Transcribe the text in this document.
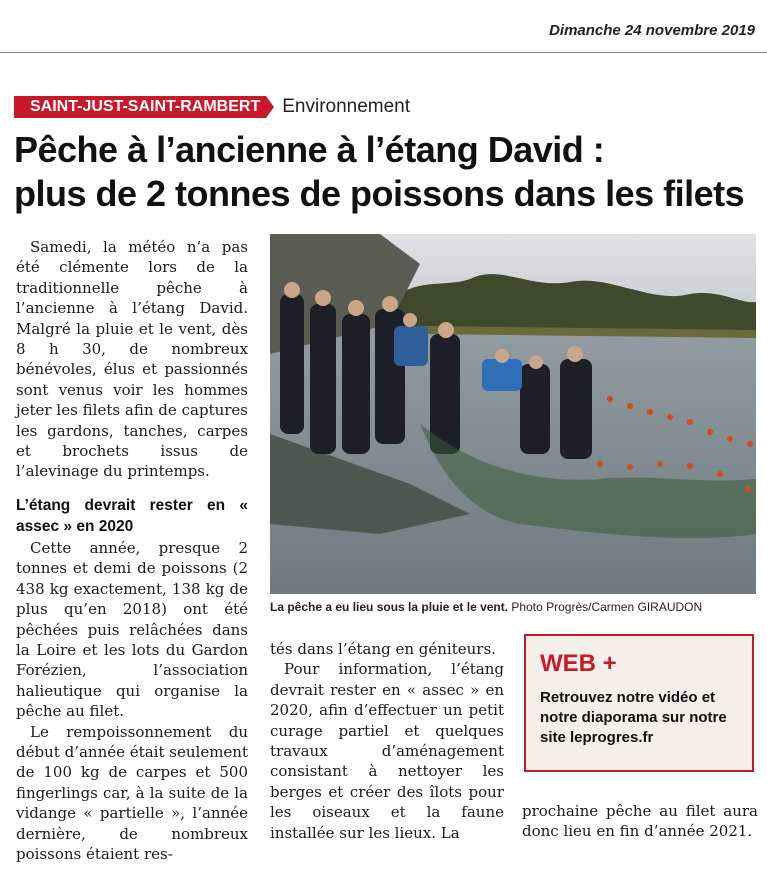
Dimanche 24 novembre 2019
SAINT-JUST-SAINT-RAMBERT	Environnement
Pêche à l’ancienne à l’étang David :
plus de 2 tonnes de poissons dans les filets

Samedi, la météo n’a pas été clémente lors de la traditionnelle pêche à l’ancienne à l’étang David. Malgré la pluie et le vent, dès 8 h 30, de nombreux bénévoles, élus et passionnés sont venus voir les hommes jeter les filets afin de captures les gardons, tanches, carpes et brochets issus de l’alevinage du printemps.

L’étang devrait rester en « assec » en 2020

Cette année, presque 2 tonnes et demi de poissons (2 438 kg exactement, 138 kg de plus qu’en 2018) ont été pêchées puis relâchées dans la Loire et les lots du Gardon Forézien, l’association halieutique qui organise la pêche au filet.

Le rempoissonnement du début d’année était seulement de 100 kg de carpes et 500 fingerlings car, à la suite de la vidange « partielle », l’année dernière, de nombreux poissons étaient res-

La pêche a eu lieu sous la pluie et le vent. Photo Progrès/Carmen GIRAUDON

tés dans l’étang en géniteurs.

Pour information, l’étang devrait rester en « assec » en 2020, afin d’effectuer un petit curage partiel et quelques travaux d’aménagement consistant à nettoyer les berges et créer des îlots pour les oiseaux et la faune installée sur les lieux. La

WEB +
Retrouvez notre vidéo et notre diaporama sur notre site leprogres.fr

prochaine pêche au filet aura donc lieu en fin d’année 2021.
